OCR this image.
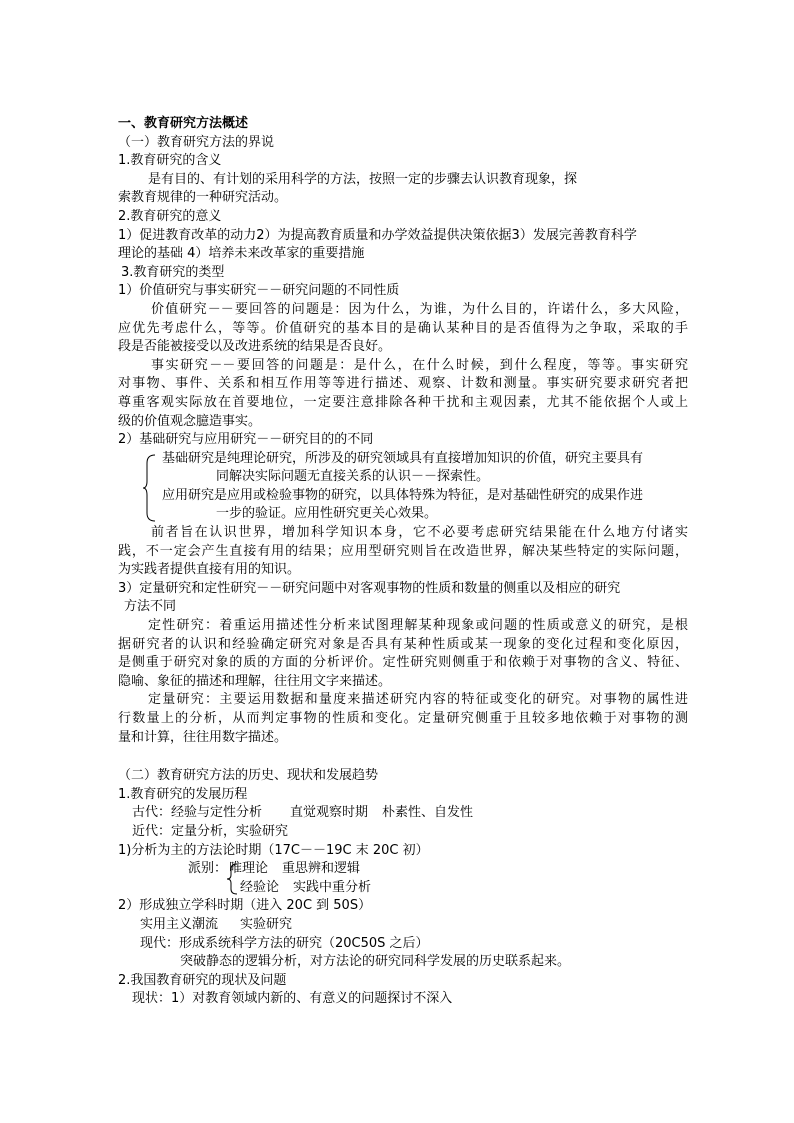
一、教育研究方法概述
（一）教育研究方法的界说
1.教育研究的含义
是有目的、有计划的采用科学的方法，按照一定的步骤去认识教育现象，探
索教育规律的一种研究活动。
2.教育研究的意义
1）促进教育改革的动力2）为提高教育质量和办学效益提供决策依据3）发展完善教育科学
理论的基础 4）培养未来改革家的重要措施
3.教育研究的类型
1）价值研究与事实研究－－研究问题的不同性质
价值研究－－要回答的问题是：因为什么，为谁，为什么目的，许诺什么，多大风险，
应优先考虑什么，等等。价值研究的基本目的是确认某种目的是否值得为之争取，采取的手
段是否能被接受以及改进系统的结果是否良好。
事实研究－－要回答的问题是：是什么，在什么时候，到什么程度，等等。事实研究
对事物、事件、关系和相互作用等等进行描述、观察、计数和测量。事实研究要求研究者把
尊重客观实际放在首要地位，一定要注意排除各种干扰和主观因素，尤其不能依据个人或上
级的价值观念臆造事实。
2）基础研究与应用研究－－研究目的的不同
基础研究是纯理论研究，所涉及的研究领域具有直接增加知识的价值，研究主要具有
同解决实际问题无直接关系的认识－－探索性。
应用研究是应用或检验事物的研究，以具体特殊为特征，是对基础性研究的成果作进
一步的验证。应用性研究更关心效果。
前者旨在认识世界，增加科学知识本身，它不必要考虑研究结果能在什么地方付诸实
践，不一定会产生直接有用的结果；应用型研究则旨在改造世界，解决某些特定的实际问题，
为实践者提供直接有用的知识。
3）定量研究和定性研究－－研究问题中对客观事物的性质和数量的侧重以及相应的研究
方法不同
定性研究：着重运用描述性分析来试图理解某种现象或问题的性质或意义的研究，是根
据研究者的认识和经验确定研究对象是否具有某种性质或某一现象的变化过程和变化原因，
是侧重于研究对象的质的方面的分析评价。定性研究则侧重于和依赖于对事物的含义、特征、
隐喻、象征的描述和理解，往往用文字来描述。
定量研究：主要运用数据和量度来描述研究内容的特征或变化的研究。对事物的属性进
行数量上的分析，从而判定事物的性质和变化。定量研究侧重于且较多地依赖于对事物的测
量和计算，往往用数字描述。
（二）教育研究方法的历史、现状和发展趋势
1.教育研究的发展历程
古代：经验与定性分析 直觉观察时期 朴素性、自发性
近代：定量分析，实验研究
1)分析为主的方法论时期（17C－－19C 末 20C 初）
派别： 唯理论 重思辨和逻辑
经验论 实践中重分析
2）形成独立学科时期（进入 20C 到 50S）
实用主义潮流 实验研究
现代：形成系统科学方法的研究（20C50S 之后）
突破静态的逻辑分析，对方法论的研究同科学发展的历史联系起来。
2.我国教育研究的现状及问题
现状：1）对教育领域内新的、有意义的问题探讨不深入
